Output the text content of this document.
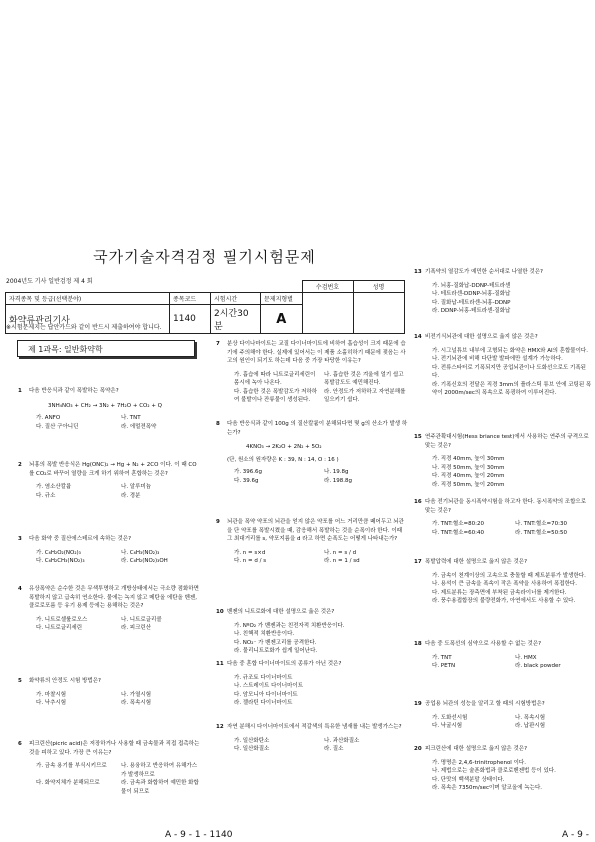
국가기술자격검정 필기시험문제
2004년도 기사 일반검정 제 4 회
				수검번호	성명
자격종목 및 등급(선택분야)	종목코드	시험시간	문제지형별		
화약류관리기사	1140	2시간30분	A		
※시험문제지는 답안카드와 같이 반드시 제출하여야 합니다.
제 1과목: 일반화약학
1 다음 반응식과 같이 폭발하는 폭약은?
3NH₄NO₃ + CH₂ → 3N₂ + 7H₂O + CO₂ + Q
가. ANFO	나. TNT
다. 질산 구아니딘	라. 에멀젼폭약
2 뇌홍의 폭발 반응식은 Hg(ONC)₂ → Hg + N₂ + 2CO 이다. 이 때 CO를 CO₂로 바꾸어 열량을 크게 하기 위하여 혼합하는 것은?
가. 염소산칼륨	나. 알루미늄
다. 규소	라. 경분
3 다음 화약 중 질산에스테르에 속하는 것은?
가. C₆H₂O₂(NO₂)₃	나. C₆H₃(NO₂)₃
다. C₆H₂CH₃(NO₂)₃	라. C₆H₂(NO₂)₃OH
4 유상폭약은 순수한 것은 무색투명하고 개방상태에서는 극소량 점화하면 폭발하지 않고 급속히 연소한다. 물에는 녹지 않고 메탄올 에탄올 벤젠, 클로로포름 등 유기 용제 등에는 용해하는 것은?
가. 니트로셀룰로오스	나. 니트로글리콜
다. 니트로글리세린	라. 피크린산
5 화약류의 안정도 시험 방법은?
가. 마찰시험	나. 가열시험
다. 낙추시험	라. 폭속시험
6 피크린산(picric acid)은 저장하거나 사용할 때 금속물과 직접 접촉하는 것을 피하고 있다. 가장 큰 이유는?
가. 금속 용기를 부식시키므로	나. 용융하고 반응하여 유해가스가 발생하므로
다. 화약지체가 분해되므로	라. 금속과 화합하여 예민한 화합물이 되므로
7 분상 다이나마이트는 교질 다이너마이트에 비하여 흡습성이 크지 때문에 습기에 주의해야 한다. 실제에 있어서는 이 제품 소홀히하기 때문에 젖음는 사고의 원인이 되기도 하는데 다음 중 가장 타당한 이유는?
가. 흡습에 따라 니트로글리세린이 몸시에 녹아 나온다.
나. 흡습한 것은 겨울에 얼기 쉽고 폭발감도도 예민해진다.
다. 흡습한 것은 폭발감도가 저하하여 불발이나 잔류물이 생성된다.
라. 안정도가 저하하고 자연분해를 일으키기 쉽다.
8 다음 반응식과 같이 100g 의 질산칼륨이 분해되다면 몇 g의 산소가 발생 하는가?
4KNO₃ → 2K₂O + 2N₂ + 5O₂
(단, 원소의 원자량은 K : 39, N : 14, O : 16 )
가. 396.6g	나. 19.8g
다. 39.6g	라. 198.8g
9 뇌관을 폭약 약포의 뇌관을 얻지 않은 약포를 어느 거리만큼 떼어두고 뇌관을 단 약포를 폭발시켰을 때, 감응해서 폭발하는 것을 순폭이라 한다. 이때 그 최대거리를 s, 약포지름을 d 라고 하면 순폭도는 어떻게 나타내는가?
가. n = s×d	나. n = s / d
다. n = d / s	라. n = 1 / sd
10 벤젠의 니트로화에 대한 설명으로 옳은 것은?
가. NºO₂ 가 벤젠과는 친전자적 치환반응이다.
나. 친핵적 치환반응이다.
다. NO₂⁻ 가 벤젠고리를 공격한다.
라. 물리니트로화가 쉽게 일어난다.
11 다음 중 혼합 다이너마이트의 종류가 아닌 것은?
가. 규조토 다이너마이트
나. 스트레이트 다이너마이트
다. 암모니아 다이너마이트
라. 젤라틴 다이너마이트
12 자연 분해시 다이너마이트에서 적갈색의 특유한 냄새를 내는 발생가스는?
가. 일산화탄소	나. 과산화질소
다. 일산화질소	라. 질소
13 기폭약의 열감도가 예민한 순서대로 나열한 것은?
가. 뇌홍-질화납-DDNP-테트라센
나. 테트라센-DDNP-뇌홍-질화납
다. 질화납-테트라센-뇌홍-DDNP
라. DDNP-뇌홍-테트라센-질화납
14 비전기식뇌관에 대한 설명으로 옳지 않은 것은?
가. 시그널튜브 내부에 고형되는 화약은 HMX와 AI의 혼합물이다.
나. 전기뇌관에 비해 다단발 발파에만 설계가 가능하다.
다. 전류스타터로 기폭되지만 공업뇌관이나 도화선으로도 기폭된다.
라. 기폭신호의 전달은 직경 3mm의 플라스틱 튜브 안에 코팅된 폭약이 2000m/sec의 폭속으로 폭굉하여 이루어진다.
15 연주관확대시험(Hess briance test)에서 사용하는 연주의 규격으로 맞는 것은?
가. 직경 40mm, 높이 30mm
나. 직경 50mm, 높이 30mm
다. 직경 40mm, 높이 20mm
라. 직경 50mm, 높이 20mm
16 다음 전기뇌관을 동시폭약시험을 하고자 한다. 동시폭약의 조합으로 맞는 것은?
가. TNT:혈소=80:20	나. TNT:혈소=70:30
다. TNT:혈소=60:40	라. TNT:혈소=50:50
17 폭발압력에 대한 설명으로 옳지 않은 것은?
가. 금속이 천계이상의 고속으로 충돌할 때 제트분류가 발생한다.
나. 용석이 큰 금속을 폭속이 작은 폭약을 사용하여 폭접한다.
다. 제트분류는 장측면에 부착된 금속라이너를 제거한다.
라. 풍수용접합장의 불량전화가, 아연에서도 사용할 수 있다.
18 다음 중 도폭선의 심약으로 사용할 수 없는 것은?
가. TNT	나. HMX
다. PETN	라. black powder
19 공업용 뇌관의 성능을 알리고 할 때의 시험방법은?
가. 도화선시험	나. 폭속시험
다. 낙굴시험	라. 납판시험
20 피크린산에 대한 설명으로 옳지 않은 것은?
가. 명명은 2,4,6-trinitrophenol 이다.
나. 제법으로는 술폰화법과 클로로벤젠법 등이 있다.
다. 단맛의 백색분말 상태이다.
라. 폭속은 7350m/sec이며 알코올에 녹는다.
A - 9 - 1 - 1140	A - 9 -
